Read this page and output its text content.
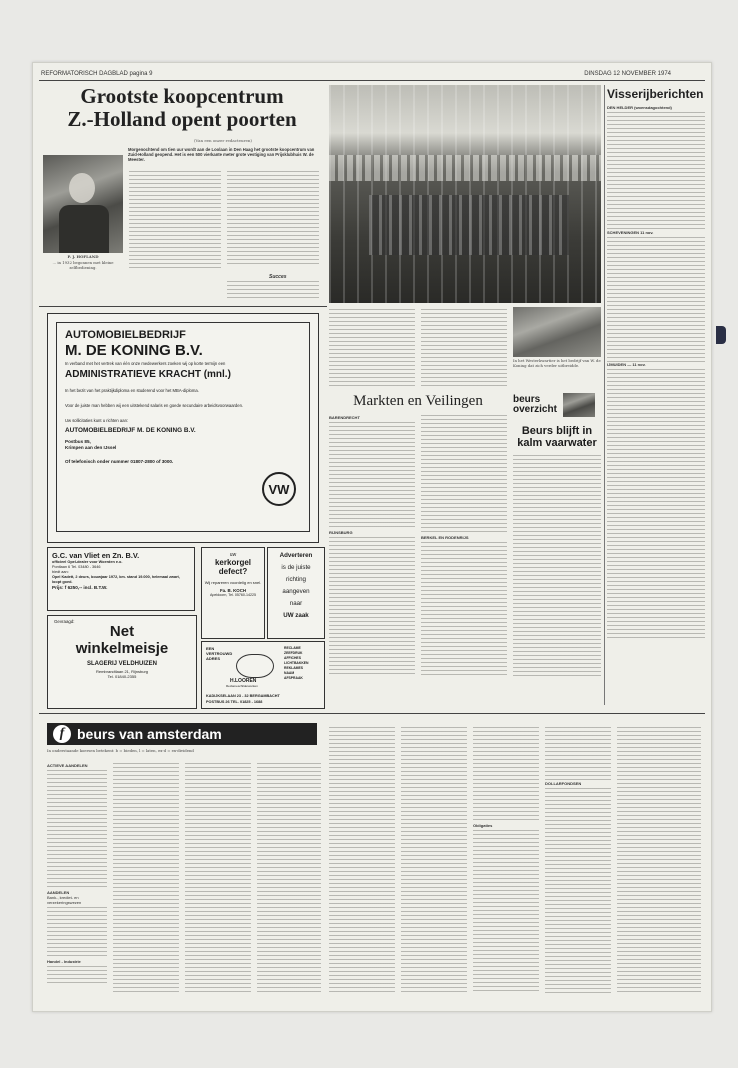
REFORMATORISCH DAGBLAD pagina 9	DINSDAG 12 NOVEMBER 1974
Grootste koopcentrum
Z.-Holland opent poorten
(Van een onzer redacteuren)
Morgenochtend om tien uur wordt aan de Loolaan in Den Haag het grootste koopcentrum van Zuid-Holland geopend. Het is een 500 vierkante meter grote vestiging van Prijsklubhuis W. de Meester.
P. J. HOFLAND
... in 1932 begonnen met kleine zelfbediening.
Succes
In het Westerkwartier is het bedrijf van W. de Koning dat zich verder uitbreidde.
Visserijberichten
DEN HELDER (woensdagochtend)
SCHEVENINGEN 11 nov.
IJMUIDEN — 11 nov.
beurs
overzicht
Beurs blijft in kalm vaarwater
Markten en Veilingen
BARENDRECHT
RIJNSBURG
BERKEL EN RODENRIJS
AUTOMOBIELBEDRIJF
M. DE KONING B.V.
In verband met het vertrek van één onze medewerkers zoeken wij op korte termijn een
ADMINISTRATIEVE KRACHT (mnl.)
In het bezit van het praktijkdiploma en studerend voor het MBA-diploma.
Voor de juiste man hebben wij een uitstekend salaris en goede secundaire arbeidsvoorwaarden.
Uw sollicitaties kunt u richten aan:
AUTOMOBIELBEDRIJF M. DE KONING B.V.
Postbus 85,
Krimpen aan den IJssel
Of telefonisch onder nummer 01807-2800 of 3000.
VW
G.C. van Vliet en Zn. B.V.
officieel Opel-dealer voor Woerden e.o.
Pontlaan 6 Tel. 03480 - 3646
biedt aan:
Opel Kadett, 2 deurs, bouwjaar 1972, km. stand 19.000, helemaal zwart, loopt goed.
Prijs: f 6250,-- incl. B.T.W.
uw
kerkorgel
defect?
Wij repareren voordelig en snel.
Fa. B. KOCH
Apeldoorn, Tel. 05760-14225
Adverteren
is de juiste
richting
aangeven
naar
UW zaak
Gevraagd:
Net
winkelmeisje
SLAGERIJ VELDHUIZEN
Rembrandtlaan 21, Rijnsburg
Tel. 01840-2355
EEN
VERTROUWD
ADRES
H.LOOREN
Reclameschilderwerken
RECLAME
ZEEFDRUK
AFFICHES
LICHTBAKKEN
REKLAMES
NAAM
AFSPRAAK
KADIJKSELAAN 23 - 32 BERGAMBACHT
POSTBUS 26 TEL. 01825 - 1688
f beurs van amsterdam
In onderstaande koersen betekent: b = bieden, l = laten, ex-d = ex-dividend
ACTIEVE AANDELEN
AANDELEN
Bank-, krediet- en verzekeringswezen
Handel - Industrie
Obligaties
DOLLARFONDSEN
